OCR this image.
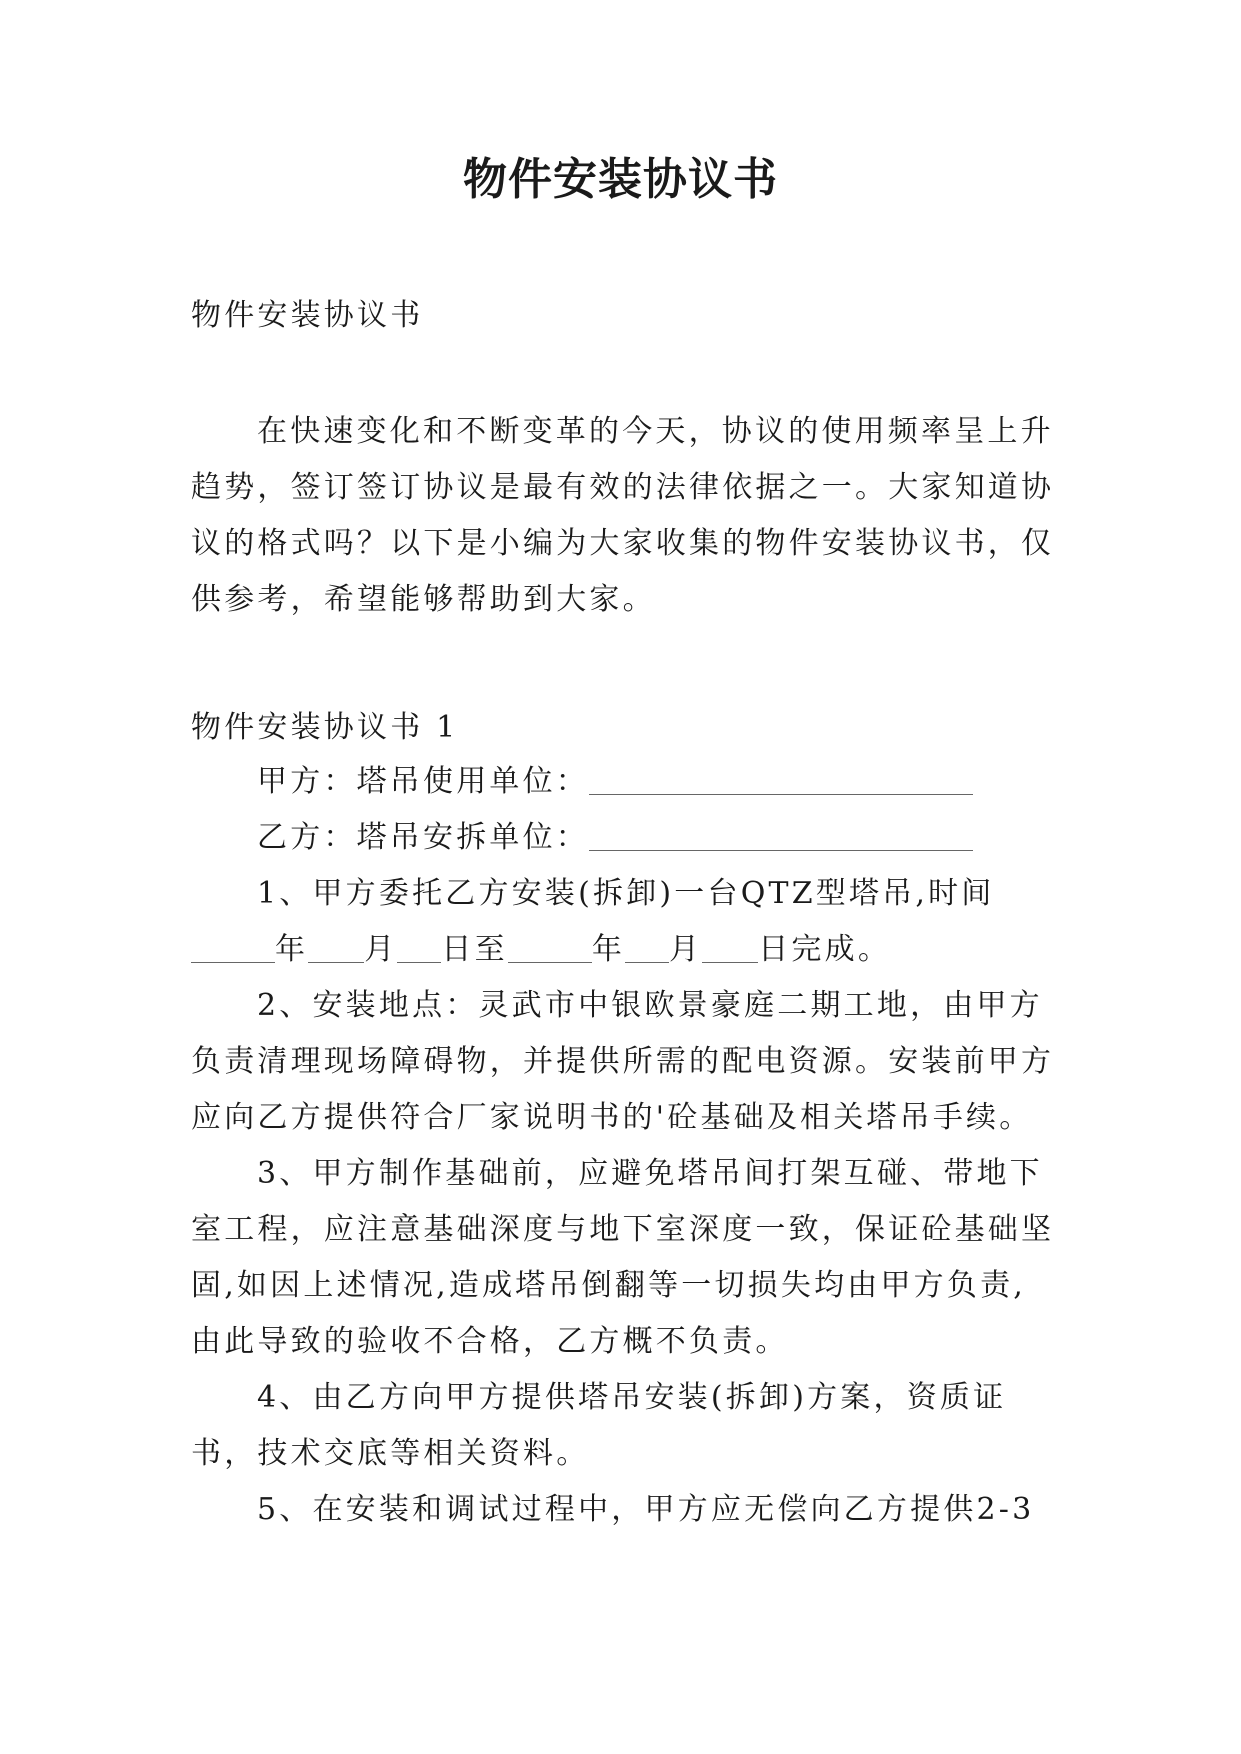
物件安装协议书
物件安装协议书

在快速变化和不断变革的今天，协议的使用频率呈上升趋势，签订签订协议是最有效的法律依据之一。大家知道协议的格式吗？以下是小编为大家收集的物件安装协议书，仅供参考，希望能够帮助到大家。

物件安装协议书 1

甲方：塔吊使用单位：

乙方：塔吊安拆单位：

1、甲方委托乙方安装(拆卸)一台QTZ型塔吊,时间年 月 日至	年 月 日完成。

2、安装地点：灵武市中银欧景豪庭二期工地，由甲方负责清理现场障碍物，并提供所需的配电资源。安装前甲方应向乙方提供符合厂家说明书的'砼基础及相关塔吊手续。

3、甲方制作基础前，应避免塔吊间打架互碰、带地下室工程，应注意基础深度与地下室深度一致，保证砼基础坚固,如因上述情况,造成塔吊倒翻等一切损失均由甲方负责,由此导致的验收不合格，乙方概不负责。

4、由乙方向甲方提供塔吊安装(拆卸)方案，资质证书，技术交底等相关资料。

5、在安装和调试过程中，甲方应无偿向乙方提供2-3
